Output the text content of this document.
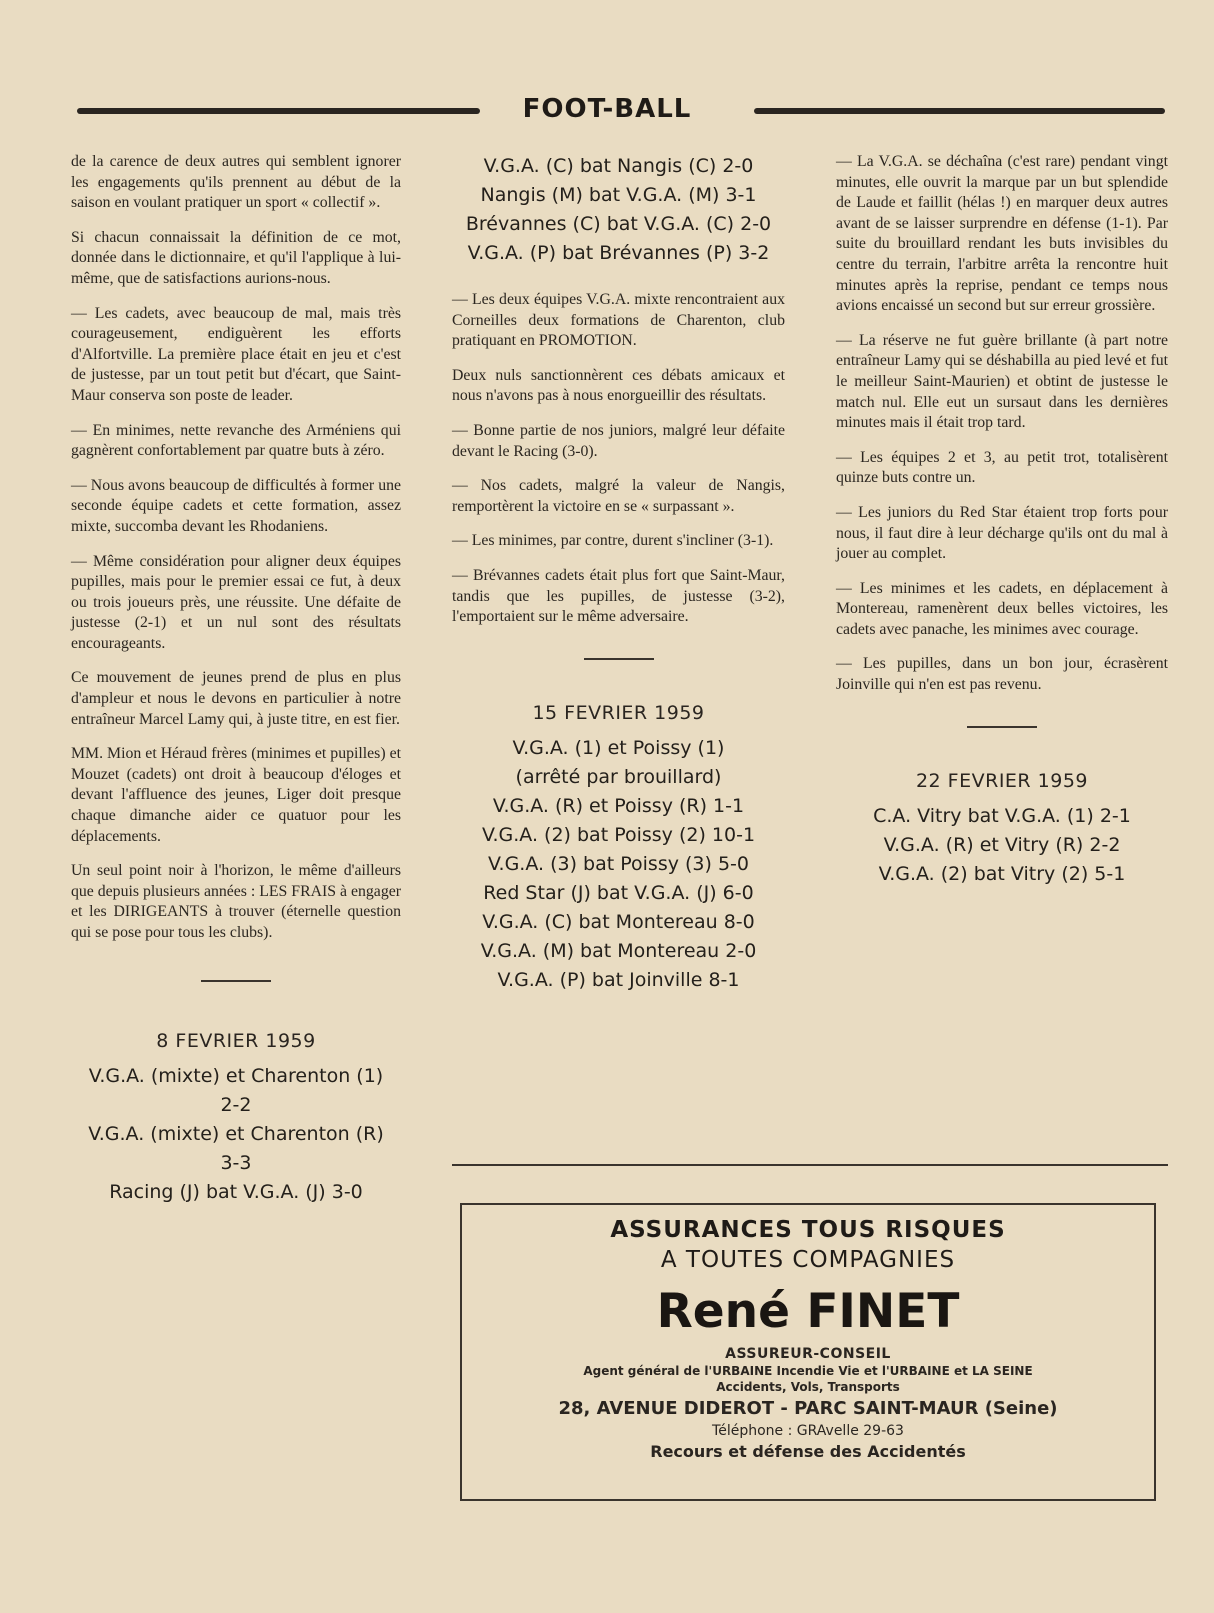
FOOT-BALL

de la carence de deux autres qui semblent ignorer les engagements qu'ils prennent au début de la saison en voulant pratiquer un sport « collectif ».

Si chacun connaissait la définition de ce mot, donnée dans le dictionnaire, et qu'il l'applique à lui-même, que de satisfactions aurions-nous.

— Les cadets, avec beaucoup de mal, mais très courageusement, endiguèrent les efforts d'Alfortville. La première place était en jeu et c'est de justesse, par un tout petit but d'écart, que Saint-Maur conserva son poste de leader.

— En minimes, nette revanche des Arméniens qui gagnèrent confortablement par quatre buts à zéro.

— Nous avons beaucoup de difficultés à former une seconde équipe cadets et cette formation, assez mixte, succomba devant les Rhodaniens.

— Même considération pour aligner deux équipes pupilles, mais pour le premier essai ce fut, à deux ou trois joueurs près, une réussite. Une défaite de justesse (2-1) et un nul sont des résultats encourageants.

Ce mouvement de jeunes prend de plus en plus d'ampleur et nous le devons en particulier à notre entraîneur Marcel Lamy qui, à juste titre, en est fier.

MM. Mion et Héraud frères (minimes et pupilles) et Mouzet (cadets) ont droit à beaucoup d'éloges et devant l'affluence des jeunes, Liger doit presque chaque dimanche aider ce quatuor pour les déplacements.

Un seul point noir à l'horizon, le même d'ailleurs que depuis plusieurs années : LES FRAIS à engager et les DIRIGEANTS à trouver (éternelle question qui se pose pour tous les clubs).

8 FEVRIER 1959
V.G.A. (mixte) et Charenton (1)
2-2
V.G.A. (mixte) et Charenton (R)
3-3
Racing (J) bat V.G.A. (J) 3-0
V.G.A. (C) bat Nangis (C) 2-0
Nangis (M) bat V.G.A. (M) 3-1
Brévannes (C) bat V.G.A. (C) 2-0
V.G.A. (P) bat Brévannes (P) 3-2

— Les deux équipes V.G.A. mixte rencontraient aux Corneilles deux formations de Charenton, club pratiquant en PROMOTION.

Deux nuls sanctionnèrent ces débats amicaux et nous n'avons pas à nous enorgueillir des résultats.

— Bonne partie de nos juniors, malgré leur défaite devant le Racing (3-0).

— Nos cadets, malgré la valeur de Nangis, remportèrent la victoire en se « surpassant ».

— Les minimes, par contre, durent s'incliner (3-1).

— Brévannes cadets était plus fort que Saint-Maur, tandis que les pupilles, de justesse (3-2), l'emportaient sur le même adversaire.

15 FEVRIER 1959
V.G.A. (1) et Poissy (1)
(arrêté par brouillard)
V.G.A. (R) et Poissy (R) 1-1
V.G.A. (2) bat Poissy (2) 10-1
V.G.A. (3) bat Poissy (3) 5-0
Red Star (J) bat V.G.A. (J) 6-0
V.G.A. (C) bat Montereau 8-0
V.G.A. (M) bat Montereau 2-0
V.G.A. (P) bat Joinville 8-1

— La V.G.A. se déchaîna (c'est rare) pendant vingt minutes, elle ouvrit la marque par un but splendide de Laude et faillit (hélas !) en marquer deux autres avant de se laisser surprendre en défense (1-1). Par suite du brouillard rendant les buts invisibles du centre du terrain, l'arbitre arrêta la rencontre huit minutes après la reprise, pendant ce temps nous avions encaissé un second but sur erreur grossière.

— La réserve ne fut guère brillante (à part notre entraîneur Lamy qui se déshabilla au pied levé et fut le meilleur Saint-Maurien) et obtint de justesse le match nul. Elle eut un sursaut dans les dernières minutes mais il était trop tard.

— Les équipes 2 et 3, au petit trot, totalisèrent quinze buts contre un.

— Les juniors du Red Star étaient trop forts pour nous, il faut dire à leur décharge qu'ils ont du mal à jouer au complet.

— Les minimes et les cadets, en déplacement à Montereau, ramenèrent deux belles victoires, les cadets avec panache, les minimes avec courage.

— Les pupilles, dans un bon jour, écrasèrent Joinville qui n'en est pas revenu.

22 FEVRIER 1959
C.A. Vitry bat V.G.A. (1) 2-1
V.G.A. (R) et Vitry (R) 2-2
V.G.A. (2) bat Vitry (2) 5-1
ASSURANCES TOUS RISQUES
A TOUTES COMPAGNIES
René FINET
ASSUREUR-CONSEIL
Agent général de l'URBAINE Incendie Vie et l'URBAINE et LA SEINE
Accidents, Vols, Transports
28, AVENUE DIDEROT - PARC SAINT-MAUR (Seine)
Téléphone : GRAvelle 29-63
Recours et défense des Accidentés
